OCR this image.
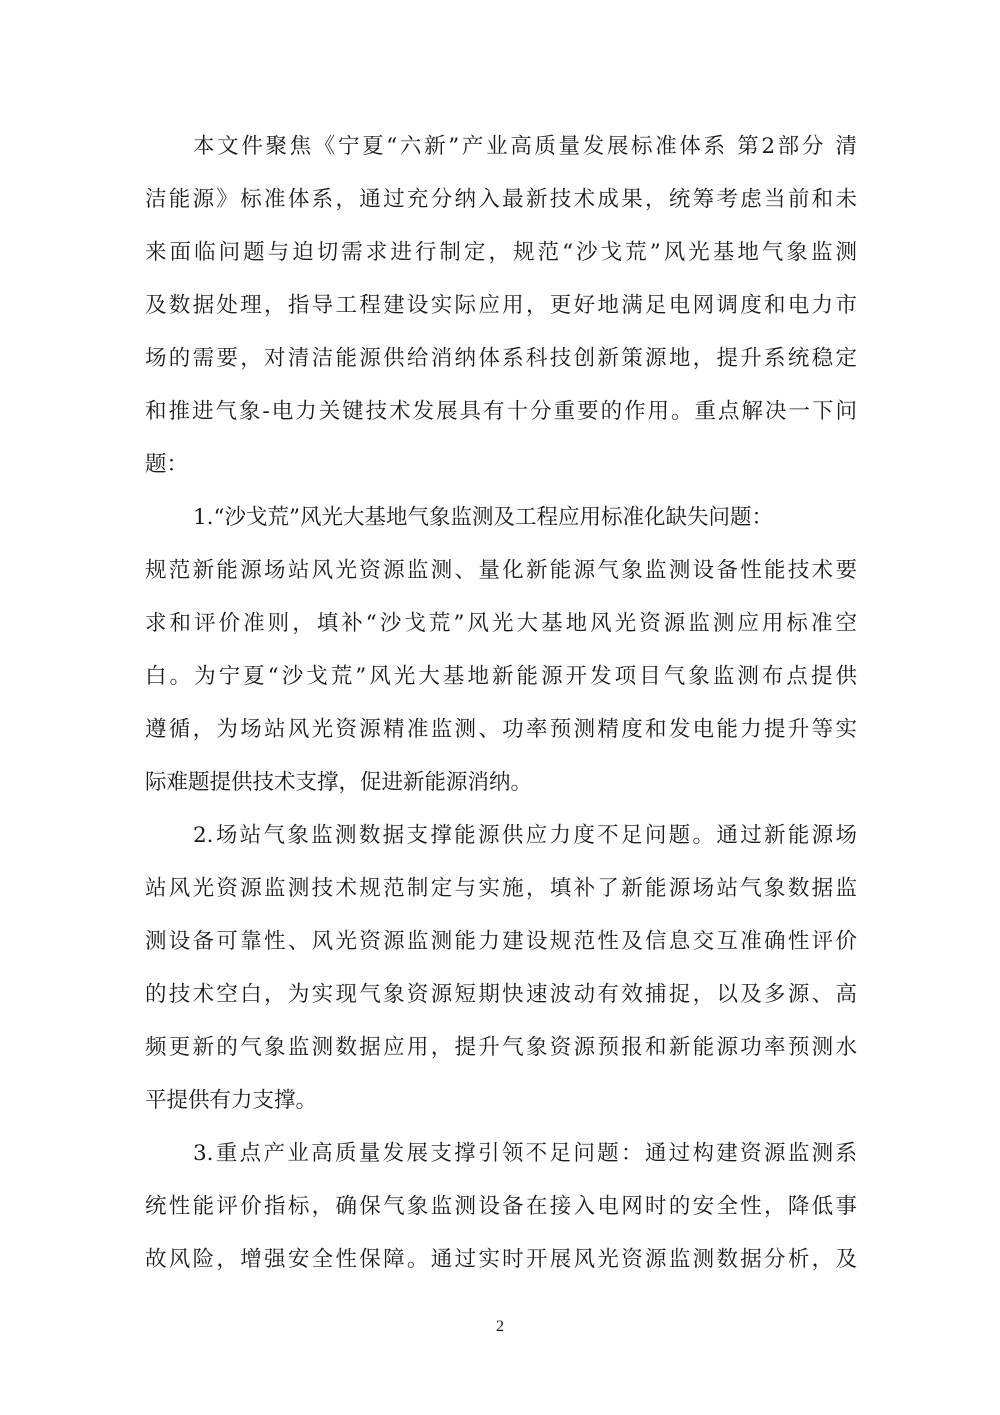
本文件聚焦《宁夏“六新”产业高质量发展标准体系 第2部分 清
洁能源》标准体系，通过充分纳入最新技术成果，统筹考虑当前和未
来面临问题与迫切需求进行制定，规范“沙戈荒”风光基地气象监测
及数据处理，指导工程建设实际应用，更好地满足电网调度和电力市
场的需要，对清洁能源供给消纳体系科技创新策源地，提升系统稳定
和推进气象-电力关键技术发展具有十分重要的作用。重点解决一下问
题：
1.“沙戈荒”风光大基地气象监测及工程应用标准化缺失问题：
规范新能源场站风光资源监测、量化新能源气象监测设备性能技术要
求和评价准则，填补“沙戈荒”风光大基地风光资源监测应用标准空
白。为宁夏“沙戈荒”风光大基地新能源开发项目气象监测布点提供
遵循，为场站风光资源精准监测、功率预测精度和发电能力提升等实
际难题提供技术支撑，促进新能源消纳。
2.场站气象监测数据支撑能源供应力度不足问题。通过新能源场
站风光资源监测技术规范制定与实施，填补了新能源场站气象数据监
测设备可靠性、风光资源监测能力建设规范性及信息交互准确性评价
的技术空白，为实现气象资源短期快速波动有效捕捉，以及多源、高
频更新的气象监测数据应用，提升气象资源预报和新能源功率预测水
平提供有力支撑。
3.重点产业高质量发展支撑引领不足问题：通过构建资源监测系
统性能评价指标，确保气象监测设备在接入电网时的安全性，降低事
故风险，增强安全性保障。通过实时开展风光资源监测数据分析，及
2
